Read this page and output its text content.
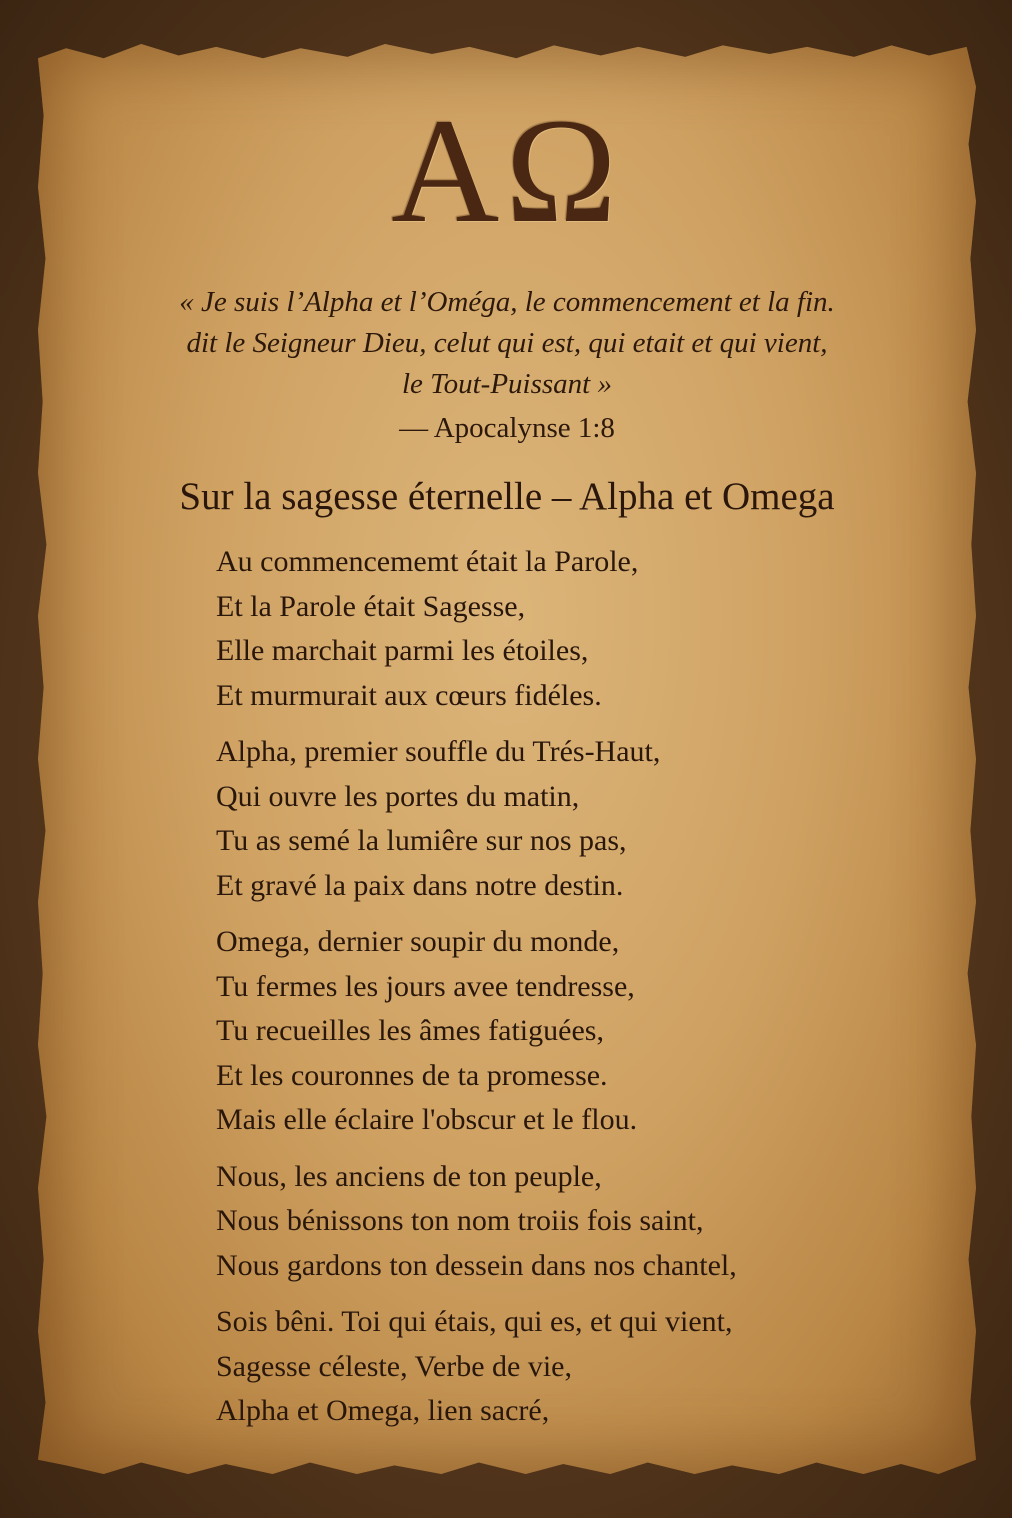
AΩ
« Je suis l’Alpha et l’Oméga, le commencement et la fin.
dit le Seigneur Dieu, celut qui est, qui etait et qui vient,
le Tout-Puissant »
— Apocalynse 1:8
Sur la sagesse éternelle – Alpha et Omega
Au commencememt était la Parole,
Et la Parole était Sagesse,
Elle marchait parmi les étoiles,
Et murmurait aux cœurs fidéles.
Alpha, premier souffle du Trés-Haut,
Qui ouvre les portes du matin,
Tu as semé la lumiêre sur nos pas,
Et gravé la paix dans notre destin.
Omega, dernier soupir du monde,
Tu fermes les jours avee tendresse,
Tu recueilles les âmes fatiguées,
Et les couronnes de ta promesse.
Mais elle éclaire l'obscur et le flou.
Nous, les anciens de ton peuple,
Nous bénissons ton nom troiis fois saint,
Nous gardons ton dessein dans nos chantel,
Sois bêni. Toi qui étais, qui es, et qui vient,
Sagesse céleste, Verbe de vie,
Alpha et Omega, lien sacré,
